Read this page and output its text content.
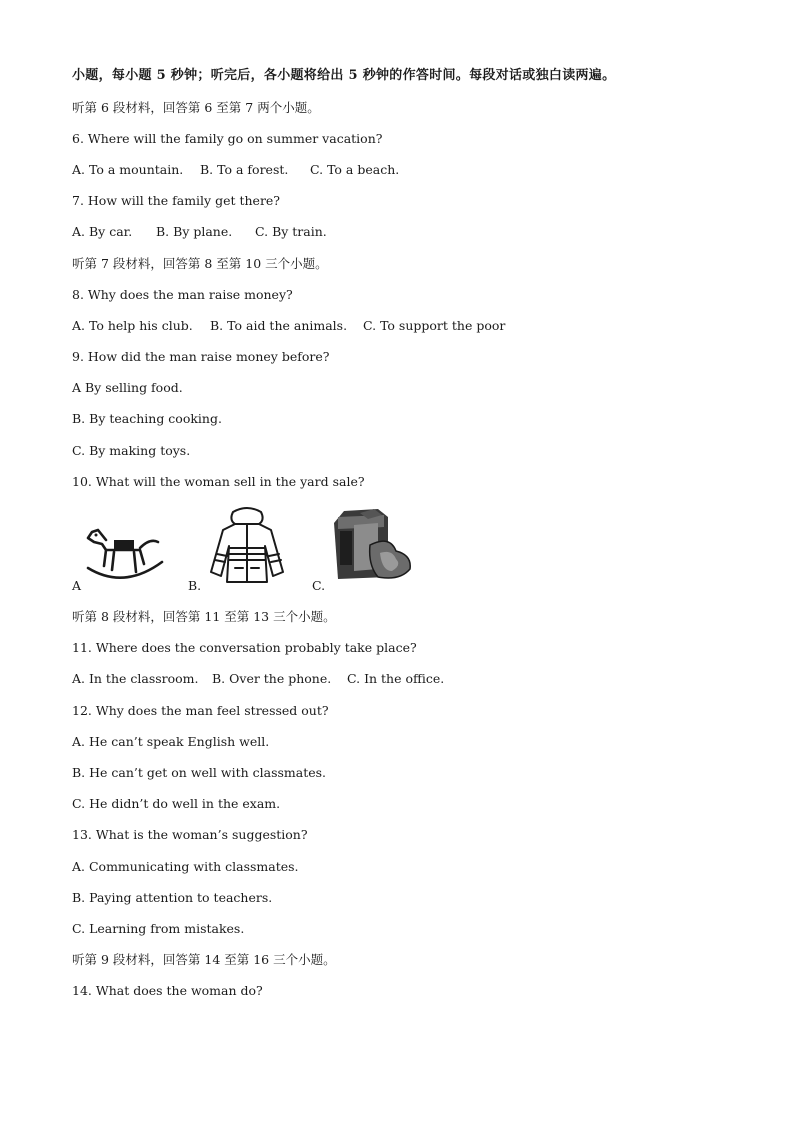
小题，每小题 5 秒钟；听完后，各小题将给出 5 秒钟的作答时间。每段对话或独白读两遍。
听第 6 段材料，回答第 6 至第 7 两个小题。
6. Where will the family go on summer vacation?
A. To a mountain. B. To a forest. C. To a beach.
7. How will the family get there?
A. By car. B. By plane. C. By train.
听第 7 段材料，回答第 8 至第 10 三个小题。
8. Why does the man raise money?
A. To help his club. B. To aid the animals. C. To support the poor
9. How did the man raise money before?
A By selling food.
B. By teaching cooking.
C. By making toys.
10. What will the woman sell in the yard sale?
A	B.	C.
听第 8 段材料，回答第 11 至第 13 三个小题。
11. Where does the conversation probably take place?
A. In the classroom. B. Over the phone. C. In the office.
12. Why does the man feel stressed out?
A. He can’t speak English well.
B. He can’t get on well with classmates.
C. He didn’t do well in the exam.
13. What is the woman’s suggestion?
A. Communicating with classmates.
B. Paying attention to teachers.
C. Learning from mistakes.
听第 9 段材料，回答第 14 至第 16 三个小题。
14. What does the woman do?
